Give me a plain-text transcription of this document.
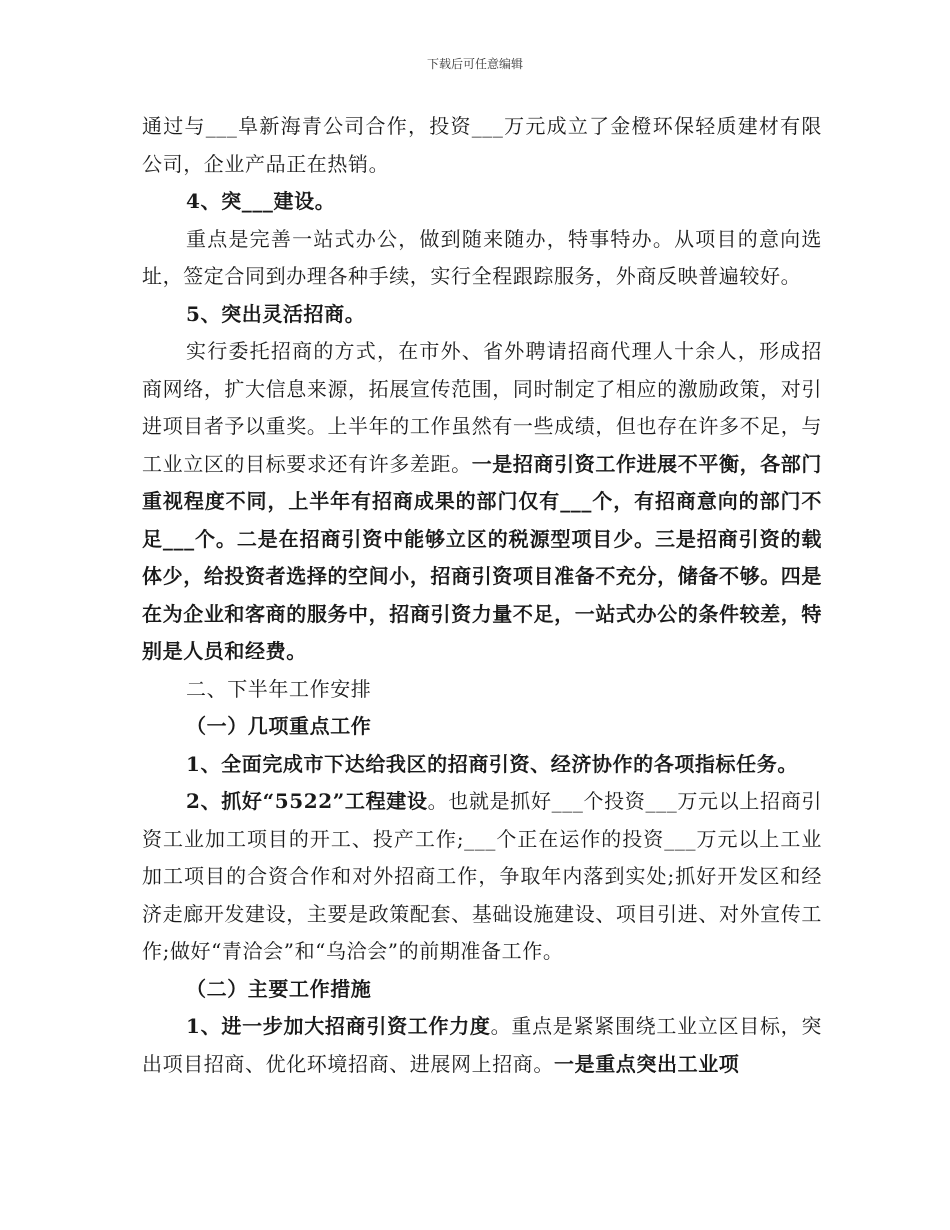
下载后可任意编辑

通过与___阜新海青公司合作，投资___万元成立了金橙环保轻质建材有限公司，企业产品正在热销。

4、突___建设。

重点是完善一站式办公，做到随来随办，特事特办。从项目的意向选址，签定合同到办理各种手续，实行全程跟踪服务，外商反映普遍较好。

5、突出灵活招商。

实行委托招商的方式，在市外、省外聘请招商代理人十余人，形成招商网络，扩大信息来源，拓展宣传范围，同时制定了相应的激励政策，对引进项目者予以重奖。上半年的工作虽然有一些成绩，但也存在许多不足，与工业立区的目标要求还有许多差距。一是招商引资工作进展不平衡，各部门重视程度不同，上半年有招商成果的部门仅有___个，有招商意向的部门不足___个。二是在招商引资中能够立区的税源型项目少。三是招商引资的载体少，给投资者选择的空间小，招商引资项目准备不充分，储备不够。四是在为企业和客商的服务中，招商引资力量不足，一站式办公的条件较差，特别是人员和经费。

二、下半年工作安排

（一）几项重点工作

1、全面完成市下达给我区的招商引资、经济协作的各项指标任务。

2、抓好“5522”工程建设。也就是抓好___个投资___万元以上招商引资工业加工项目的开工、投产工作;___个正在运作的投资___万元以上工业加工项目的合资合作和对外招商工作，争取年内落到实处;抓好开发区和经济走廊开发建设，主要是政策配套、基础设施建设、项目引进、对外宣传工作;做好“青洽会”和“乌洽会”的前期准备工作。

（二）主要工作措施

1、进一步加大招商引资工作力度。重点是紧紧围绕工业立区目标，突出项目招商、优化环境招商、进展网上招商。一是重点突出工业项
